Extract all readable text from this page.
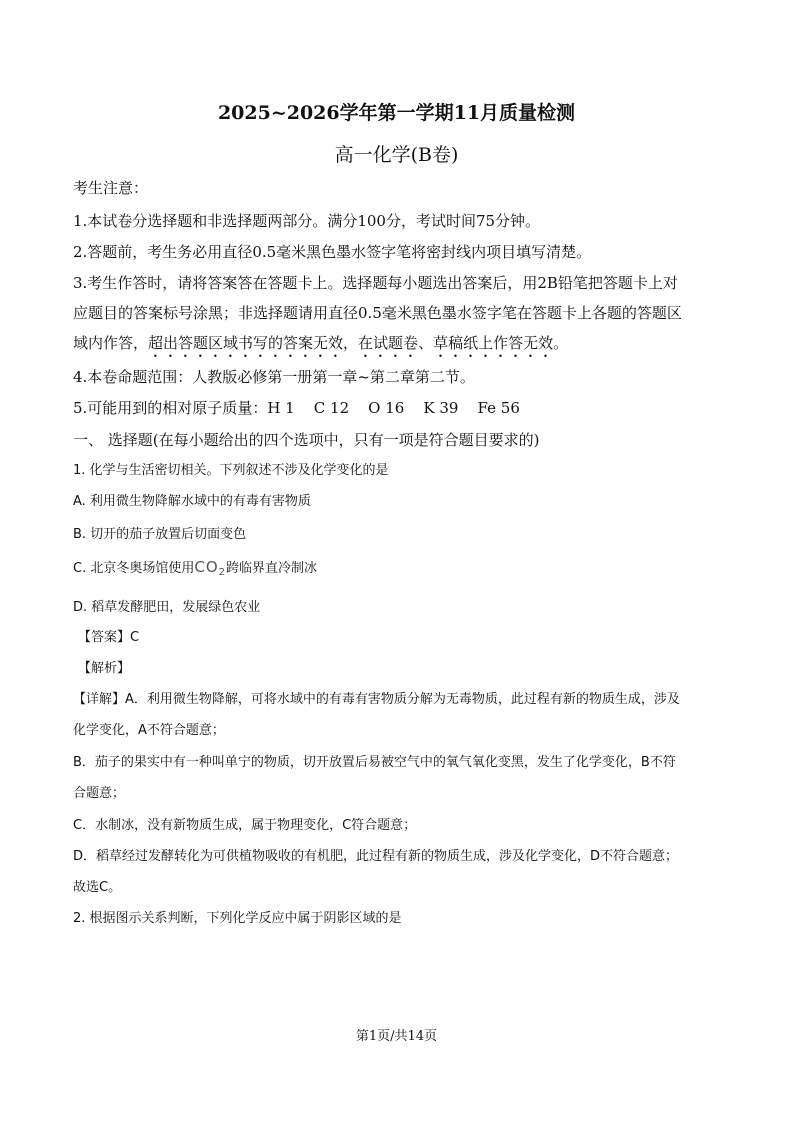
2025~2026学年第一学期11月质量检测
高一化学(B卷)
考生注意：
1.本试卷分选择题和非选择题两部分。满分100分，考试时间75分钟。
2.答题前，考生务必用直径0.5毫米黑色墨水签字笔将密封线内项目填写清楚。
3.考生作答时，请将答案答在答题卡上。选择题每小题选出答案后，用2B铅笔把答题卡上对
应题目的答案标号涂黑；非选择题请用直径0.5毫米黑色墨水签字笔在答题卡上各题的答题区
域内作答，超出答题区域书写的答案无效，在试题卷、草稿纸上作答无效。
4.本卷命题范围：人教版必修第一册第一章~第二章第二节。
5.可能用到的相对原子质量：H 1    C 12    O 16    K 39    Fe 56
一、 选择题(在每小题给出的四个选项中，只有一项是符合题目要求的)
1. 化学与生活密切相关。下列叙述不涉及化学变化的是
A. 利用微生物降解水域中的有毒有害物质
B. 切开的茄子放置后切面变色
C. 北京冬奥场馆使用$CO_2$跨临界直冷制冰
D. 稻草发酵肥田，发展绿色农业
【答案】C
【解析】
【详解】A．利用微生物降解，可将水域中的有毒有害物质分解为无毒物质，此过程有新的物质生成，涉及
化学变化，A不符合题意；
B．茄子的果实中有一种叫单宁的物质，切开放置后易被空气中的氧气氧化变黑，发生了化学变化，B不符
合题意；
C．水制冰，没有新物质生成，属于物理变化，C符合题意；
D．稻草经过发酵转化为可供植物吸收的有机肥，此过程有新的物质生成，涉及化学变化，D不符合题意；
故选C。
2. 根据图示关系判断，下列化学反应中属于阴影区域的是
第1页/共14页
